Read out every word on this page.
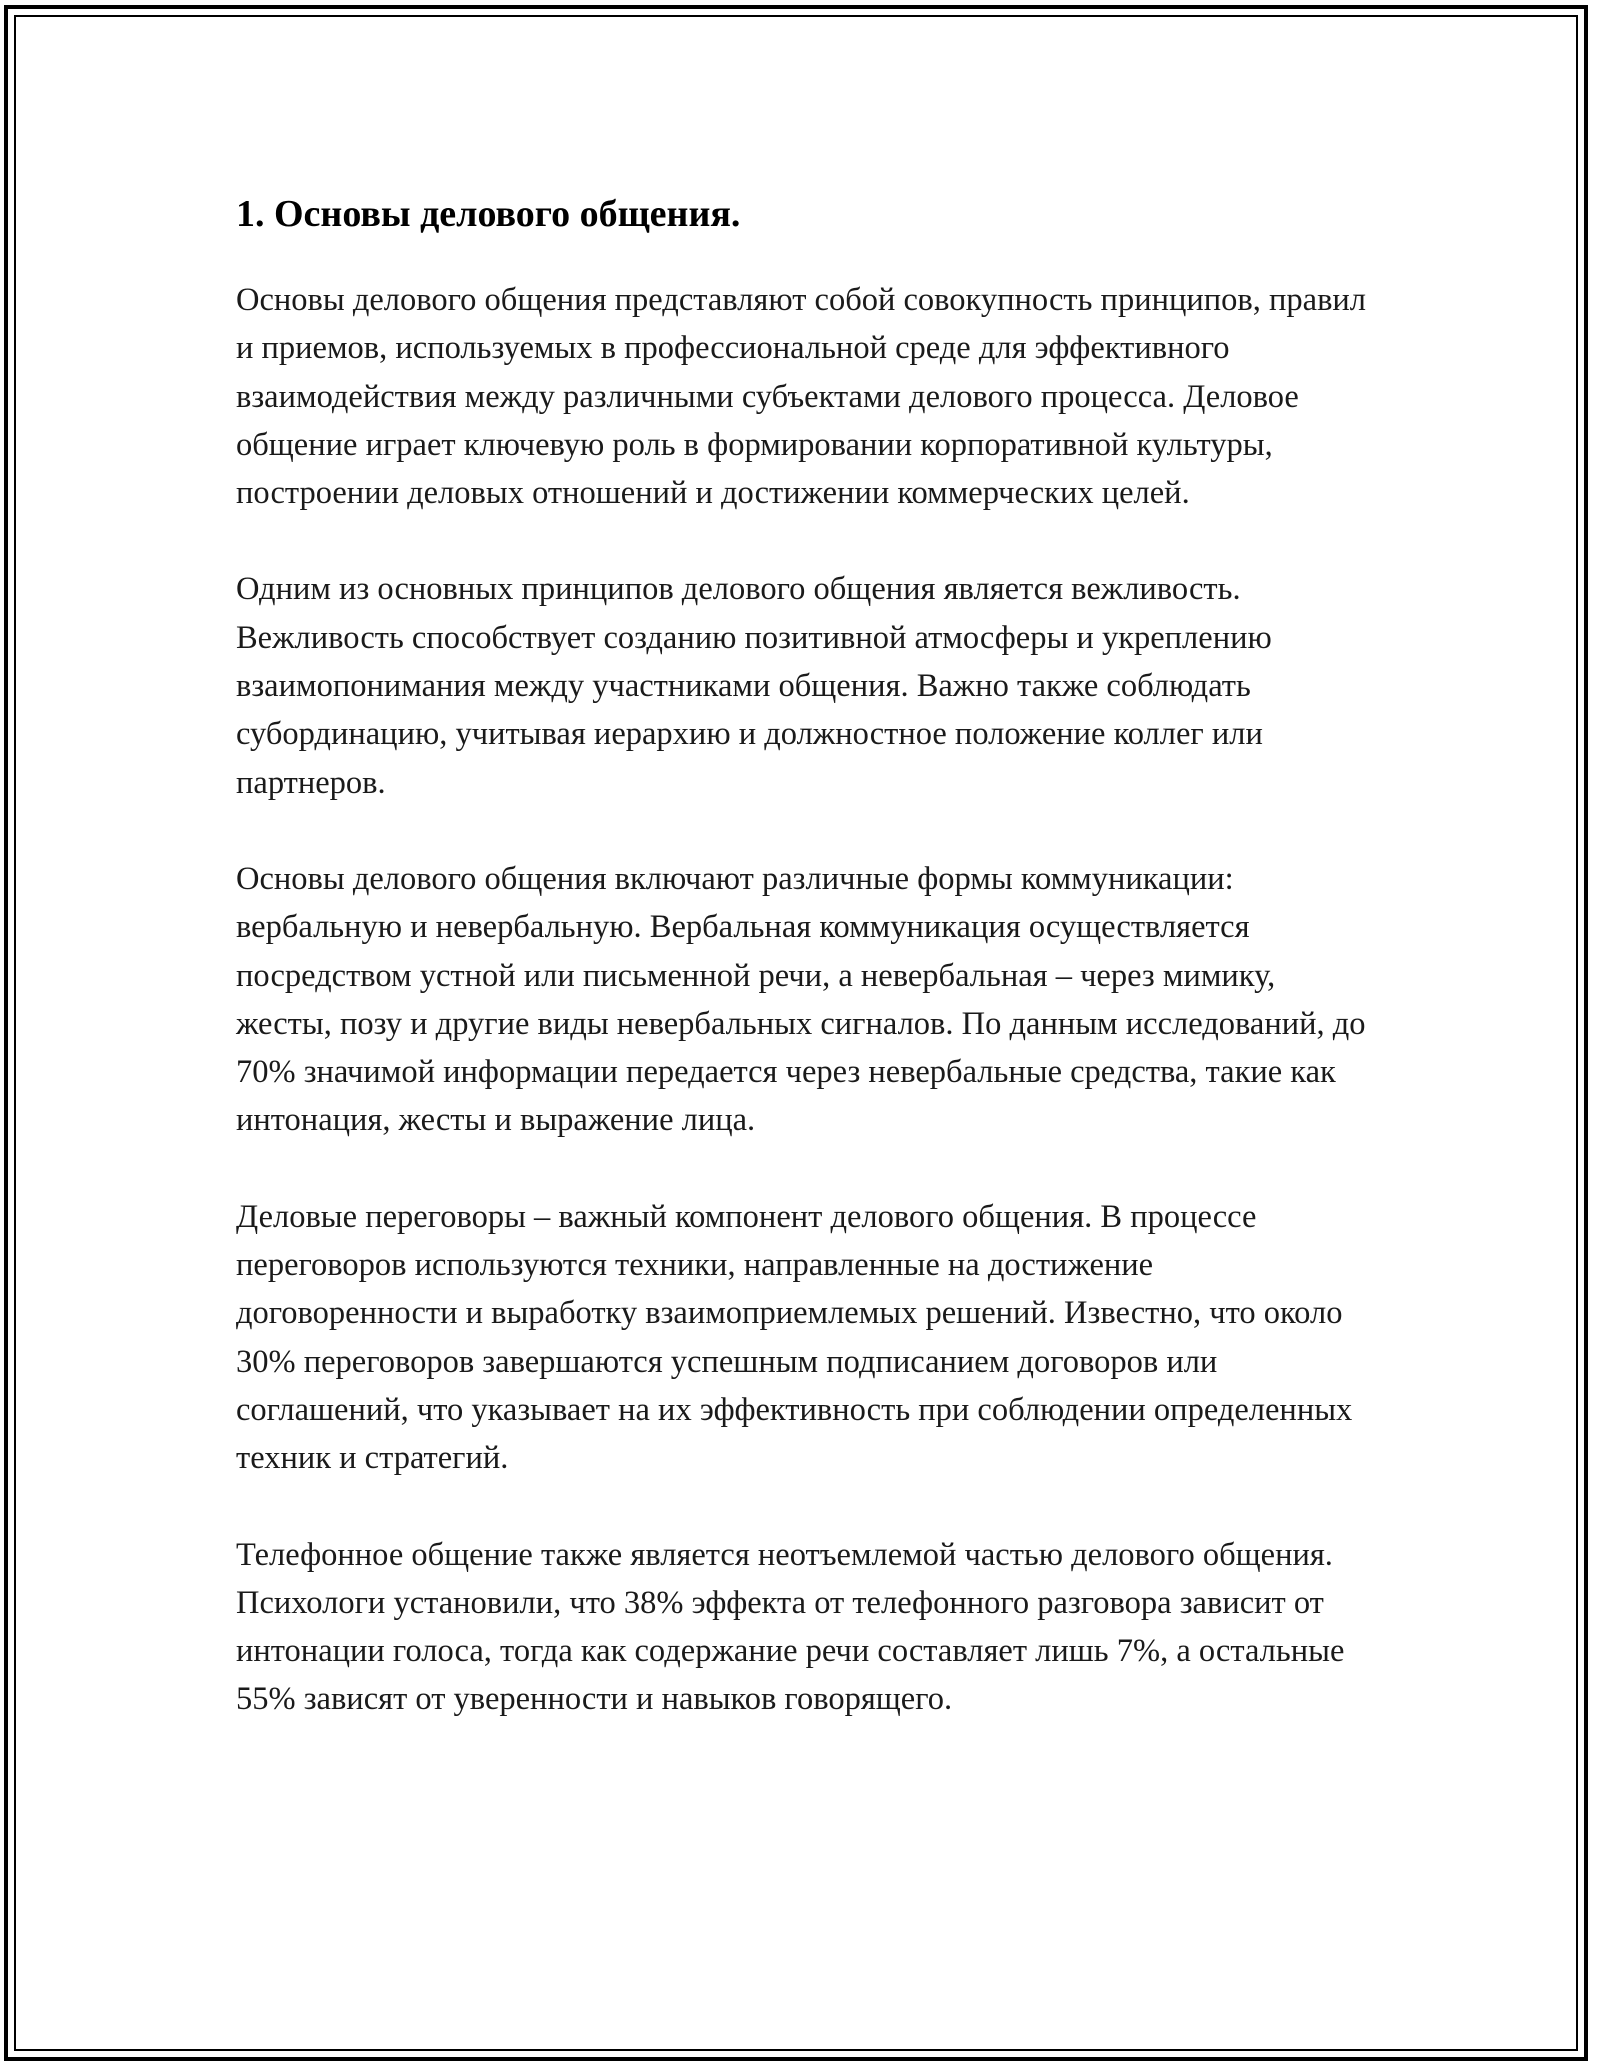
1. Основы делового общения.

Основы делового общения представляют собой совокупность принципов, правил и приемов, используемых в профессиональной среде для эффективного взаимодействия между различными субъектами делового процесса. Деловое общение играет ключевую роль в формировании корпоративной культуры, построении деловых отношений и достижении коммерческих целей.

Одним из основных принципов делового общения является вежливость. Вежливость способствует созданию позитивной атмосферы и укреплению взаимопонимания между участниками общения. Важно также соблюдать субординацию, учитывая иерархию и должностное положение коллег или партнеров.

Основы делового общения включают различные формы коммуникации: вербальную и невербальную. Вербальная коммуникация осуществляется посредством устной или письменной речи, а невербальная – через мимику, жесты, позу и другие виды невербальных сигналов. По данным исследований, до 70% значимой информации передается через невербальные средства, такие как интонация, жесты и выражение лица.

Деловые переговоры – важный компонент делового общения. В процессе переговоров используются техники, направленные на достижение договоренности и выработку взаимоприемлемых решений. Известно, что около 30% переговоров завершаются успешным подписанием договоров или соглашений, что указывает на их эффективность при соблюдении определенных техник и стратегий.

Телефонное общение также является неотъемлемой частью делового общения. Психологи установили, что 38% эффекта от телефонного разговора зависит от интонации голоса, тогда как содержание речи составляет лишь 7%, а остальные 55% зависят от уверенности и навыков говорящего.
